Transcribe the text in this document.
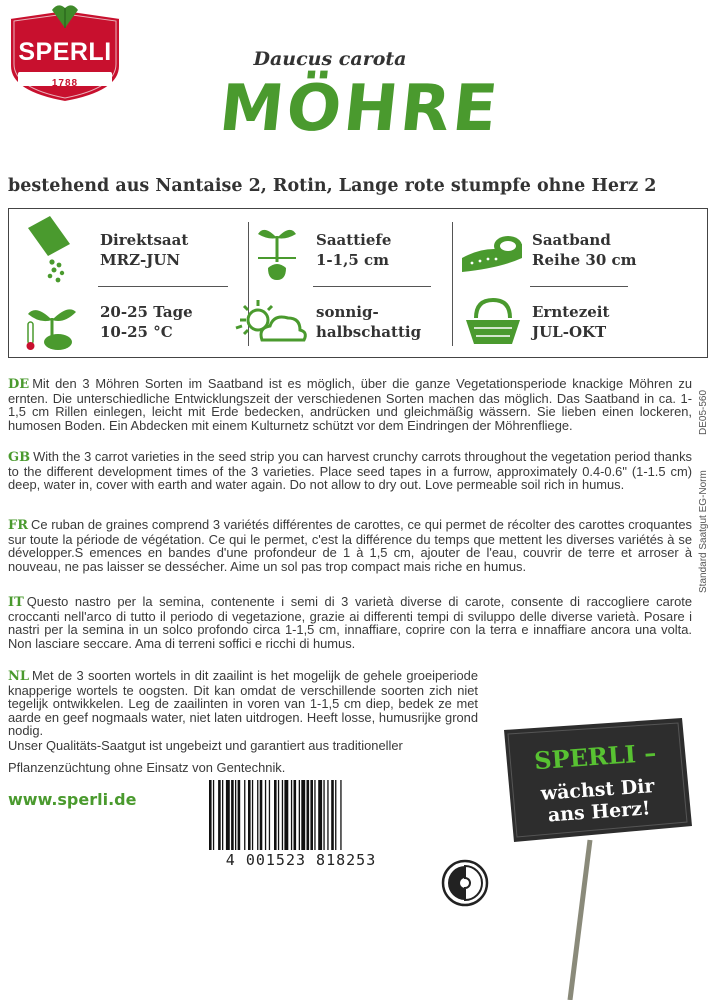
SPERLI
1788
Daucus carota
MÖHRE
bestehend aus Nantaise 2, Rotin, Lange rote stumpfe ohne Herz 2
Direktsaat
MRZ-JUN
Saattiefe
1-1,5 cm
Saatband
Reihe 30 cm
20-25 Tage
10-25 °C
sonnig-
halbschattig
Erntezeit
JUL-OKT
DE Mit den 3 Möhren Sorten im Saatband ist es möglich, über die ganze Vegetationsperiode knackige Möhren zu ernten. Die unterschiedliche Entwicklungszeit der verschiedenen Sorten machen das möglich. Das Saatband in ca. 1-1,5 cm Rillen einlegen, leicht mit Erde bedecken, andrücken und gleichmäßig wässern. Sie lieben einen lockeren, humosen Boden. Ein Abdecken mit einem Kulturnetz schützt vor dem Eindringen der Möhrenfliege.
GB With the 3 carrot varieties in the seed strip you can harvest crunchy carrots throughout the vegetation period thanks to the different development times of the 3 varieties. Place seed tapes in a furrow, approximately 0.4-0.6" (1-1.5 cm) deep, water in, cover with earth and water again. Do not allow to dry out. Love permeable soil rich in humus.
FR Ce ruban de graines comprend 3 variétés différentes de carottes, ce qui permet de récolter des carottes croquantes sur toute la période de végétation. Ce qui le permet, c'est la différence du temps que mettent les diverses variétés à se développer.S emences en bandes d'une profondeur de 1 à 1,5 cm, ajouter de l'eau, couvrir de terre et arroser à nouveau, ne pas laisser se dessécher. Aime un sol pas trop compact mais riche en humus.
IT Questo nastro per la semina, contenente i semi di 3 varietà diverse di carote, consente di raccogliere carote croccanti nell'arco di tutto il periodo di vegetazione, grazie ai differenti tempi di sviluppo delle diverse varietà. Posare i nastri per la semina in un solco profondo circa 1-1,5 cm, innaffiare, coprire con la terra e innaffiare ancora una volta. Non lasciare seccare. Ama di terreni soffici e ricchi di humus.
NL Met de 3 soorten wortels in dit zaailint is het mogelijk de gehele groeiperiode knapperige wortels te oogsten. Dit kan omdat de verschillende soorten zich niet tegelijk ontwikkelen. Leg de zaailinten in voren van 1-1,5 cm diep, bedek ze met aarde en geef nogmaals water, niet laten uitdrogen. Heeft losse, humusrijke grond nodig.
Unser Qualitäts-Saatgut ist ungebeizt und garantiert aus traditioneller
Pflanzenzüchtung ohne Einsatz von Gentechnik.
www.sperli.de
DE05-560
Standard Saatgut EG-Norm
4 001523 818253
SPERLI –
wächst Dir
ans Herz!
